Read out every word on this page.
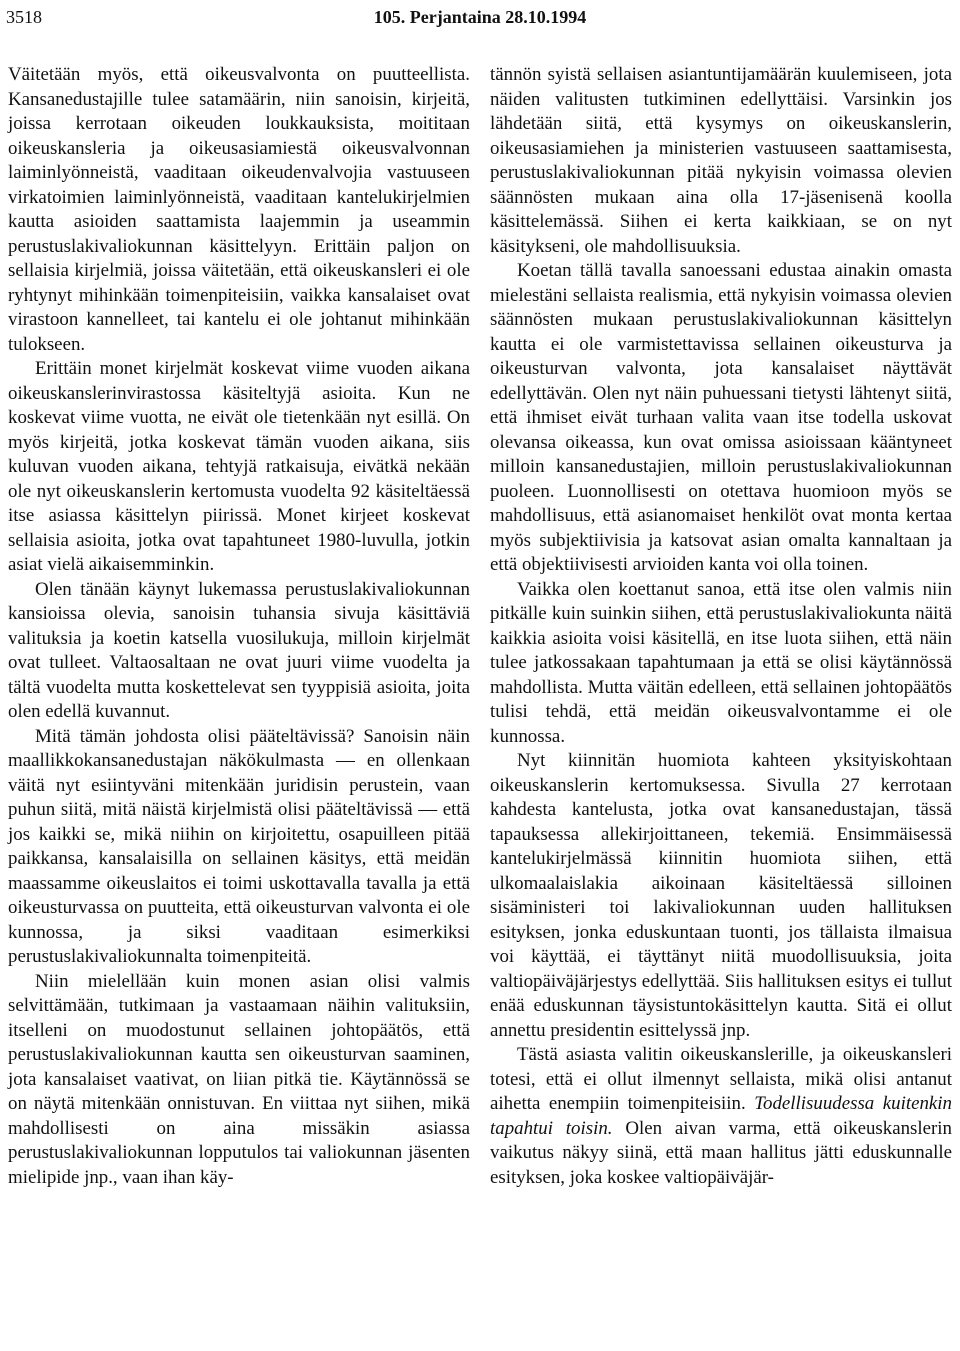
3518	105. Perjantaina 28.10.1994

Väitetään myös, että oikeusvalvonta on puutteellista. Kansanedustajille tulee satamäärin, niin sanoisin, kirjeitä, joissa kerrotaan oikeuden loukkauksista, moititaan oikeuskansleria ja oikeusasiamiestä oikeusvalvonnan laiminlyönneistä, vaaditaan oikeudenvalvojia vastuuseen virkatoimien laiminlyönneistä, vaaditaan kantelukirjelmien kautta asioiden saattamista laajemmin ja useammin perustuslakivaliokunnan käsittelyyn. Erittäin paljon on sellaisia kirjelmiä, joissa väitetään, että oikeuskansleri ei ole ryhtynyt mihinkään toimenpiteisiin, vaikka kansalaiset ovat virastoon kannelleet, tai kantelu ei ole johtanut mihinkään tulokseen.

Erittäin monet kirjelmät koskevat viime vuoden aikana oikeuskanslerinvirastossa käsiteltyjä asioita. Kun ne koskevat viime vuotta, ne eivät ole tietenkään nyt esillä. On myös kirjeitä, jotka koskevat tämän vuoden aikana, siis kuluvan vuoden aikana, tehtyjä ratkaisuja, eivätkä nekään ole nyt oikeuskanslerin kertomusta vuodelta 92 käsiteltäessä itse asiassa käsittelyn piirissä. Monet kirjeet koskevat sellaisia asioita, jotka ovat tapahtuneet 1980-luvulla, jotkin asiat vielä aikaisemminkin.

Olen tänään käynyt lukemassa perustuslakivaliokunnan kansioissa olevia, sanoisin tuhansia sivuja käsittäviä valituksia ja koetin katsella vuosilukuja, milloin kirjelmät ovat tulleet. Valtaosaltaan ne ovat juuri viime vuodelta ja tältä vuodelta mutta koskettelevat sen tyyppisiä asioita, joita olen edellä kuvannut.

Mitä tämän johdosta olisi pääteltävissä? Sanoisin näin maallikkokansanedustajan näkökulmasta — en ollenkaan väitä nyt esiintyväni mitenkään juridisin perustein, vaan puhun siitä, mitä näistä kirjelmistä olisi pääteltävissä — että jos kaikki se, mikä niihin on kirjoitettu, osapuilleen pitää paikkansa, kansalaisilla on sellainen käsitys, että meidän maassamme oikeuslaitos ei toimi uskottavalla tavalla ja että oikeusturvassa on puutteita, että oikeusturvan valvonta ei ole kunnossa, ja siksi vaaditaan esimerkiksi perustuslakivaliokunnalta toimenpiteitä.

Niin mielellään kuin monen asian olisi valmis selvittämään, tutkimaan ja vastaamaan näihin valituksiin, itselleni on muodostunut sellainen johtopäätös, että perustuslakivaliokunnan kautta sen oikeusturvan saaminen, jota kansalaiset vaativat, on liian pitkä tie. Käytännössä se on näytä mitenkään onnistuvan. En viittaa nyt siihen, mikä mahdollisesti on aina missäkin asiassa perustuslakivaliokunnan lopputulos tai valiokunnan jäsenten mielipide jnp., vaan ihan käy-

tännön syistä sellaisen asiantuntijamäärän kuulemiseen, jota näiden valitusten tutkiminen edellyttäisi. Varsinkin jos lähdetään siitä, että kysymys on oikeuskanslerin, oikeusasiamiehen ja ministerien vastuuseen saattamisesta, perustuslakivaliokunnan pitää nykyisin voimassa olevien säännösten mukaan aina olla 17-jäsenisenä koolla käsittelemässä. Siihen ei kerta kaikkiaan, se on nyt käsitykseni, ole mahdollisuuksia.

Koetan tällä tavalla sanoessani edustaa ainakin omasta mielestäni sellaista realismia, että nykyisin voimassa olevien säännösten mukaan perustuslakivaliokunnan käsittelyn kautta ei ole varmistettavissa sellainen oikeusturva ja oikeusturvan valvonta, jota kansalaiset näyttävät edellyttävän. Olen nyt näin puhuessani tietysti lähtenyt siitä, että ihmiset eivät turhaan valita vaan itse todella uskovat olevansa oikeassa, kun ovat omissa asioissaan kääntyneet milloin kansanedustajien, milloin perustuslakivaliokunnan puoleen. Luonnollisesti on otettava huomioon myös se mahdollisuus, että asianomaiset henkilöt ovat monta kertaa myös subjektiivisia ja katsovat asian omalta kannaltaan ja että objektiivisesti arvioiden kanta voi olla toinen.

Vaikka olen koettanut sanoa, että itse olen valmis niin pitkälle kuin suinkin siihen, että perustuslakivaliokunta näitä kaikkia asioita voisi käsitellä, en itse luota siihen, että näin tulee jatkossakaan tapahtumaan ja että se olisi käytännössä mahdollista. Mutta väitän edelleen, että sellainen johtopäätös tulisi tehdä, että meidän oikeusvalvontamme ei ole kunnossa.

Nyt kiinnitän huomiota kahteen yksityiskohtaan oikeuskanslerin kertomuksessa. Sivulla 27 kerrotaan kahdesta kantelusta, jotka ovat kansanedustajan, tässä tapauksessa allekirjoittaneen, tekemiä. Ensimmäisessä kantelukirjelmässä kiinnitin huomiota siihen, että ulkomaalaislakia aikoinaan käsiteltäessä silloinen sisäministeri toi lakivaliokunnan uuden hallituksen esityksen, jonka eduskuntaan tuonti, jos tällaista ilmaisua voi käyttää, ei täyttänyt niitä muodollisuuksia, joita valtiopäiväjärjestys edellyttää. Siis hallituksen esitys ei tullut enää eduskunnan täysistuntokäsittelyn kautta. Sitä ei ollut annettu presidentin esittelyssä jnp.

Tästä asiasta valitin oikeuskanslerille, ja oikeuskansleri totesi, että ei ollut ilmennyt sellaista, mikä olisi antanut aihetta enempiin toimenpiteisiin. Todellisuudessa kuitenkin tapahtui toisin. Olen aivan varma, että oikeuskanslerin vaikutus näkyy siinä, että maan hallitus jätti eduskunnalle esityksen, joka koskee valtiopäiväjär-
